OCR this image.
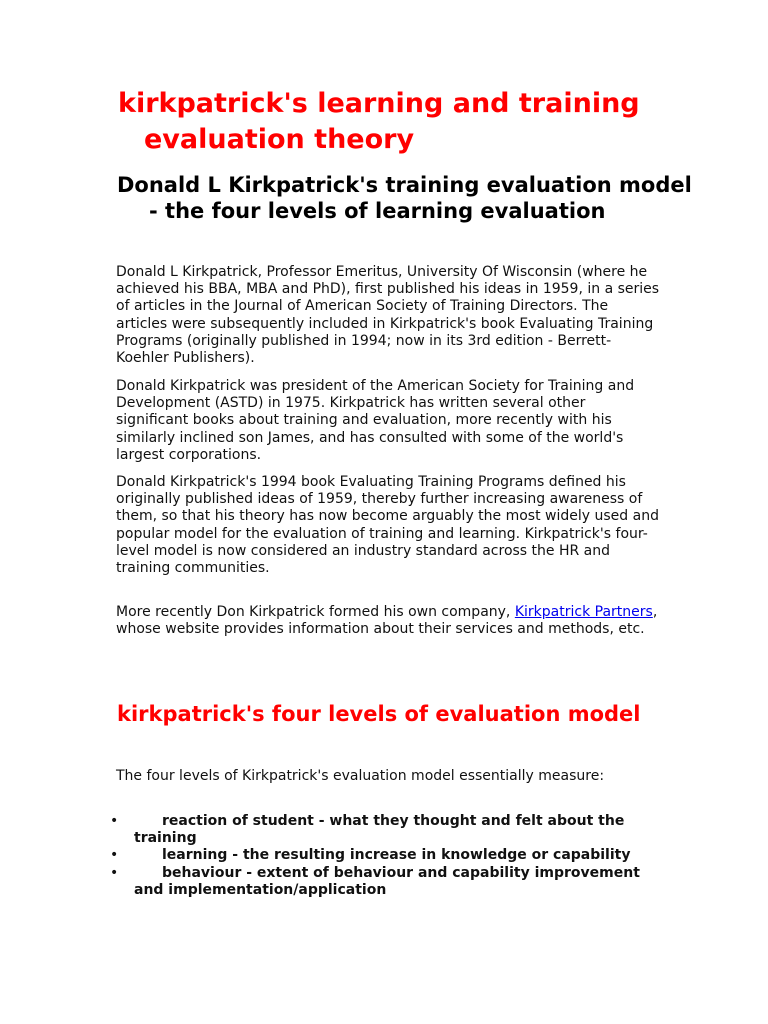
kirkpatrick's learning and training evaluation theory
Donald L Kirkpatrick's training evaluation model - the four levels of learning evaluation

Donald L Kirkpatrick, Professor Emeritus, University Of Wisconsin (where he achieved his BBA, MBA and PhD), first published his ideas in 1959, in a series of articles in the Journal of American Society of Training Directors. The articles were subsequently included in Kirkpatrick's book Evaluating Training Programs (originally published in 1994; now in its 3rd edition - Berrett-Koehler Publishers).

Donald Kirkpatrick was president of the American Society for Training and Development (ASTD) in 1975. Kirkpatrick has written several other significant books about training and evaluation, more recently with his similarly inclined son James, and has consulted with some of the world's largest corporations.

Donald Kirkpatrick's 1994 book Evaluating Training Programs defined his originally published ideas of 1959, thereby further increasing awareness of them, so that his theory has now become arguably the most widely used and popular model for the evaluation of training and learning. Kirkpatrick's four-level model is now considered an industry standard across the HR and training communities.

More recently Don Kirkpatrick formed his own company, Kirkpatrick Partners, whose website provides information about their services and methods, etc.

kirkpatrick's four levels of evaluation model

The four levels of Kirkpatrick's evaluation model essentially measure:

•	reaction of student - what they thought and felt about the training
•	learning - the resulting increase in knowledge or capability
•	behaviour - extent of behaviour and capability improvement and implementation/application
